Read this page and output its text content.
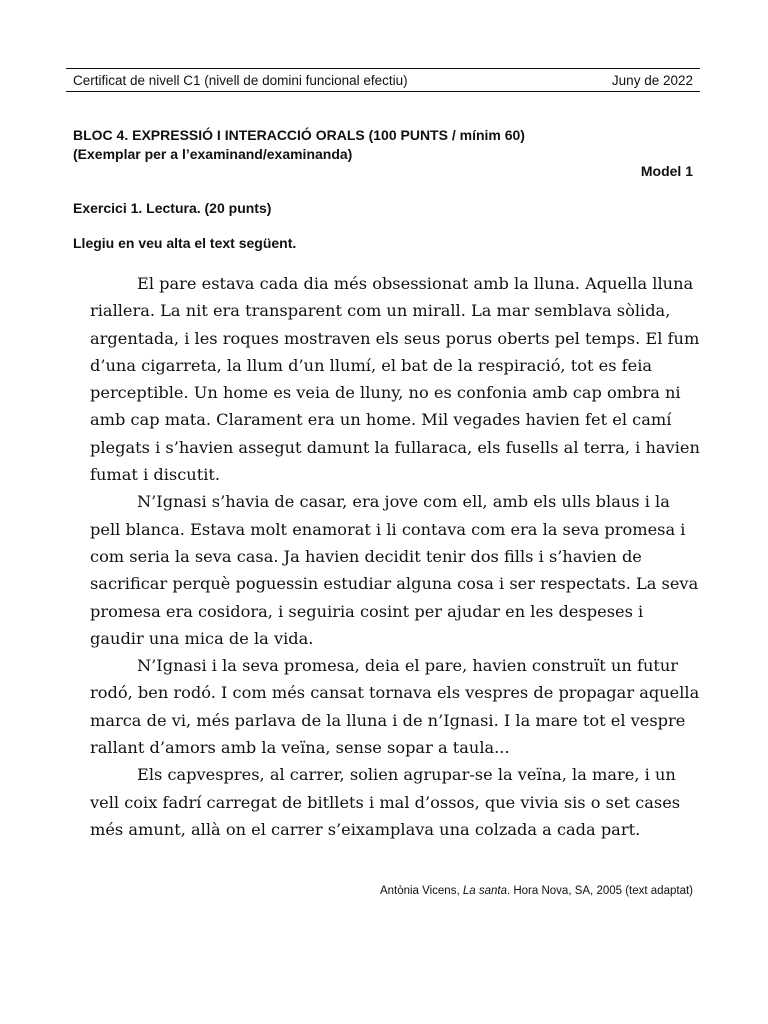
Certificat de nivell C1 (nivell de domini funcional efectiu)	Juny de 2022
BLOC 4. EXPRESSIÓ I INTERACCIÓ ORALS (100 PUNTS / mínim 60)
(Exemplar per a l’examinand/examinanda)
Model 1
Exercici 1. Lectura. (20 punts)
Llegiu en veu alta el text següent.

El pare estava cada dia més obsessionat amb la lluna. Aquella lluna riallera. La nit era transparent com un mirall. La mar semblava sòlida, argentada, i les roques mostraven els seus porus oberts pel temps. El fum d’una cigarreta, la llum d’un llumí, el bat de la respiració, tot es feia perceptible. Un home es veia de lluny, no es confonia amb cap ombra ni amb cap mata. Clarament era un home. Mil vegades havien fet el camí plegats i s’havien assegut damunt la fullaraca, els fusells al terra, i havien fumat i discutit.

N’Ignasi s’havia de casar, era jove com ell, amb els ulls blaus i la pell blanca. Estava molt enamorat i li contava com era la seva promesa i com seria la seva casa. Ja havien decidit tenir dos fills i s’havien de sacrificar perquè poguessin estudiar alguna cosa i ser respectats. La seva promesa era cosidora, i seguiria cosint per ajudar en les despeses i gaudir una mica de la vida.

N’Ignasi i la seva promesa, deia el pare, havien construït un futur rodó, ben rodó. I com més cansat tornava els vespres de propagar aquella marca de vi, més parlava de la lluna i de n’Ignasi. I la mare tot el vespre rallant d’amors amb la veïna, sense sopar a taula...

Els capvespres, al carrer, solien agrupar-se la veïna, la mare, i un vell coix fadrí carregat de bitllets i mal d’ossos, que vivia sis o set cases més amunt, allà on el carrer s’eixamplava una colzada a cada part.

Antònia Vicens, La santa. Hora Nova, SA, 2005 (text adaptat)
